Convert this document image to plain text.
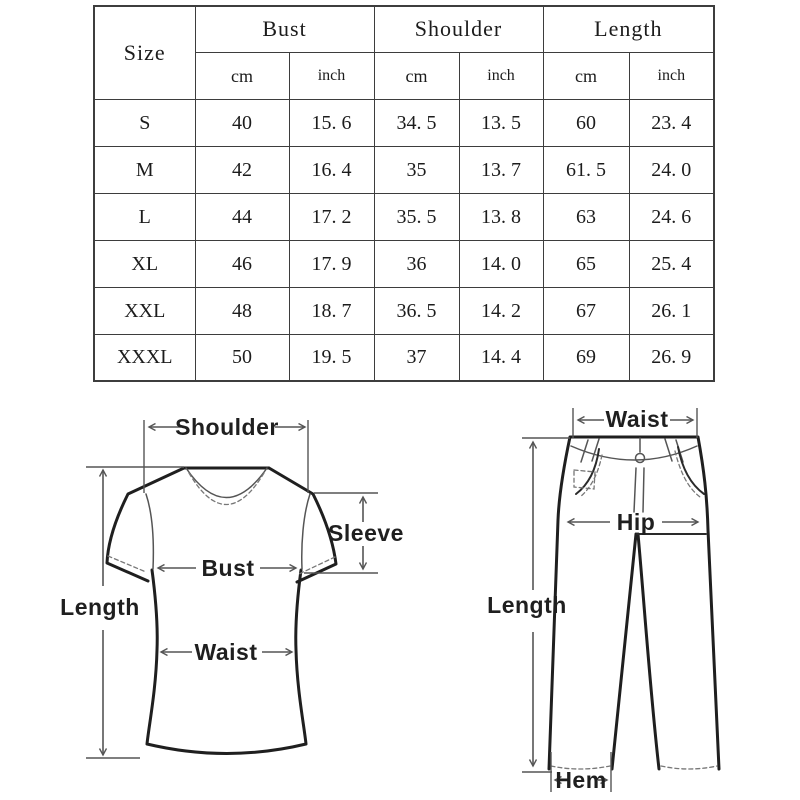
Size	Bust		Shoulder		Length	
	cm	inch	cm	inch	cm	inch
S	40	15. 6	34. 5	13. 5	60	23. 4
M	42	16. 4	35	13. 7	61. 5	24. 0
L	44	17. 2	35. 5	13. 8	63	24. 6
XL	46	17. 9	36	14. 0	65	25. 4
XXL	48	18. 7	36. 5	14. 2	67	26. 1
XXXL	50	19. 5	37	14. 4	69	26. 9
Shoulder
Length
Sleeve
Bust
Waist
Waist
Hip
Length
Hem
